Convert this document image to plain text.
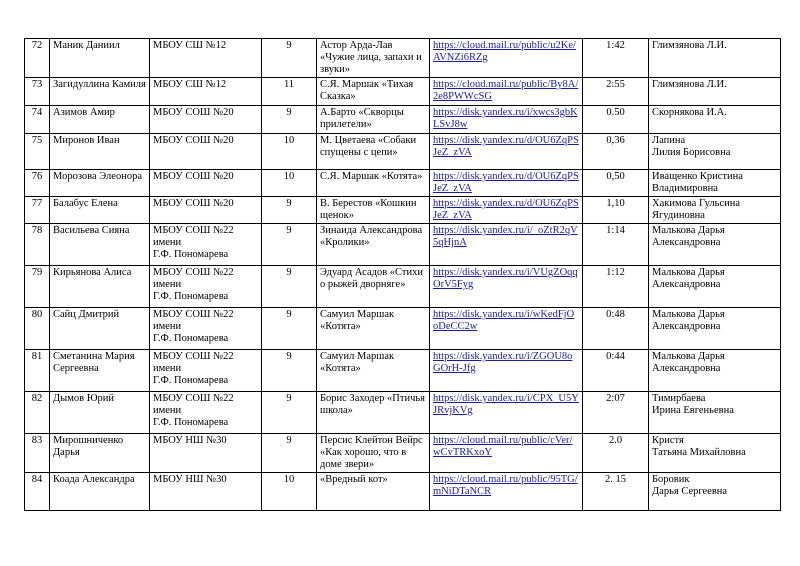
72	Маник Даниил	МБОУ СШ №12	9	Астор Арда-Лав «Чужие лица, запахи и звуки»	https://cloud.mail.ru/public/u2Ke/AVNZi6RZg	1:42	Глимзянова Л.И.
73	Загидуллина Камиля	МБОУ СШ №12	11	С.Я. Маршак «Тихая Сказка»	https://cloud.mail.ru/public/By8A/2e8PWWcSG	2:55	Глимзянова Л.И.
74	Азимов Амир	МБОУ СОШ №20	9	А.Барто «Скворцы прилетели»	https://disk.yandex.ru/i/xwcs3gbKLSvJ8w	0.50	Скорнякова И.А.
75	Миронов Иван	МБОУ СОШ №20	10	М. Цветаева «Собаки спущены с цепи»	https://disk.yandex.ru/d/OU6ZqPSJeZ_zVA	0,36	Лапина
Лилия Борисовна
76	Морозова Элеонора	МБОУ СОШ №20	10	С.Я. Маршак «Котята»	https://disk.yandex.ru/d/OU6ZqPSJeZ_zVA	0,50	Иващенко Кристина Владимировна
77	Балабус Елена	МБОУ СОШ №20	9	В. Берестов «Кошкин щенок»	https://disk.yandex.ru/d/OU6ZqPSJeZ_zVA	1,10	Хакимова Гульсина Ягудиновна
78	Васильева Сияна	МБОУ СОШ №22 имени
Г.Ф. Пономарева	9	Зинаида Александрова «Кролики»	https://disk.yandex.ru/i/_oZtR2qV5qHjnA	1:14	Малькова Дарья Александровна
79	Кирьянова Алиса	МБОУ СОШ №22 имени
Г.Ф. Пономарева	9	Эдуард Асадов «Стихи о рыжей дворняге»	https://disk.yandex.ru/i/VUgZOqqOrV5Fyg	1:12	Малькова Дарья Александровна
80	Сайц Дмитрий	МБОУ СОШ №22 имени
Г.Ф. Пономарева	9	Самуил Маршак «Котята»	https://disk.yandex.ru/i/wKedFjOoDeCC2w	0:48	Малькова Дарья Александровна
81	Сметанина Мария Сергеевна	МБОУ СОШ №22 имени
Г.Ф. Пономарева	9	Самуил Маршак «Котята»	https://disk.yandex.ru/i/ZGOU8oGOrH-Jfg	0:44	Малькова Дарья Александровна
82	Дымов Юрий	МБОУ СОШ №22 имени
Г.Ф. Пономарева	9	Борис Заходер «Птичья школа»	https://disk.yandex.ru/i/CPX_U5YJRvjKVg	2:07	Тимирбаева
Ирина Евгеньевна
83	Мирошниченко Дарья	МБОУ НШ №30	9	Персис Клейтон Вейрс «Как хорошо, что в доме звери»	https://cloud.mail.ru/public/cVer/wCvTRKxoY	2.0	Кристя
Татьяна Михайловна
84	Коада Александра	МБОУ НШ №30	10	«Вредный кот»	https://cloud.mail.ru/public/95TG/mNiDTaNCR	2. 15	Боровик
Дарья Сергеевна
